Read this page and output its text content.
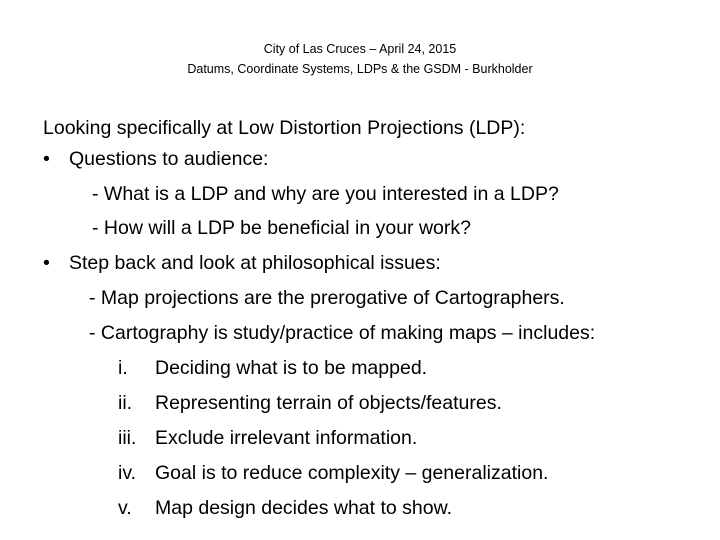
City of Las Cruces – April 24, 2015
Datums, Coordinate Systems, LDPs & the GSDM - Burkholder
Looking specifically at Low Distortion Projections (LDP):
• Questions to audience:
- What is a LDP and why are you interested in a LDP?
- How will a LDP be beneficial in your work?
• Step back and look at philosophical issues:
- Map projections are the prerogative of Cartographers.
- Cartography is study/practice of making maps – includes:
i. Deciding what is to be mapped.
ii. Representing terrain of objects/features.
iii. Exclude irrelevant information.
iv. Goal is to reduce complexity – generalization.
v. Map design decides what to show.
